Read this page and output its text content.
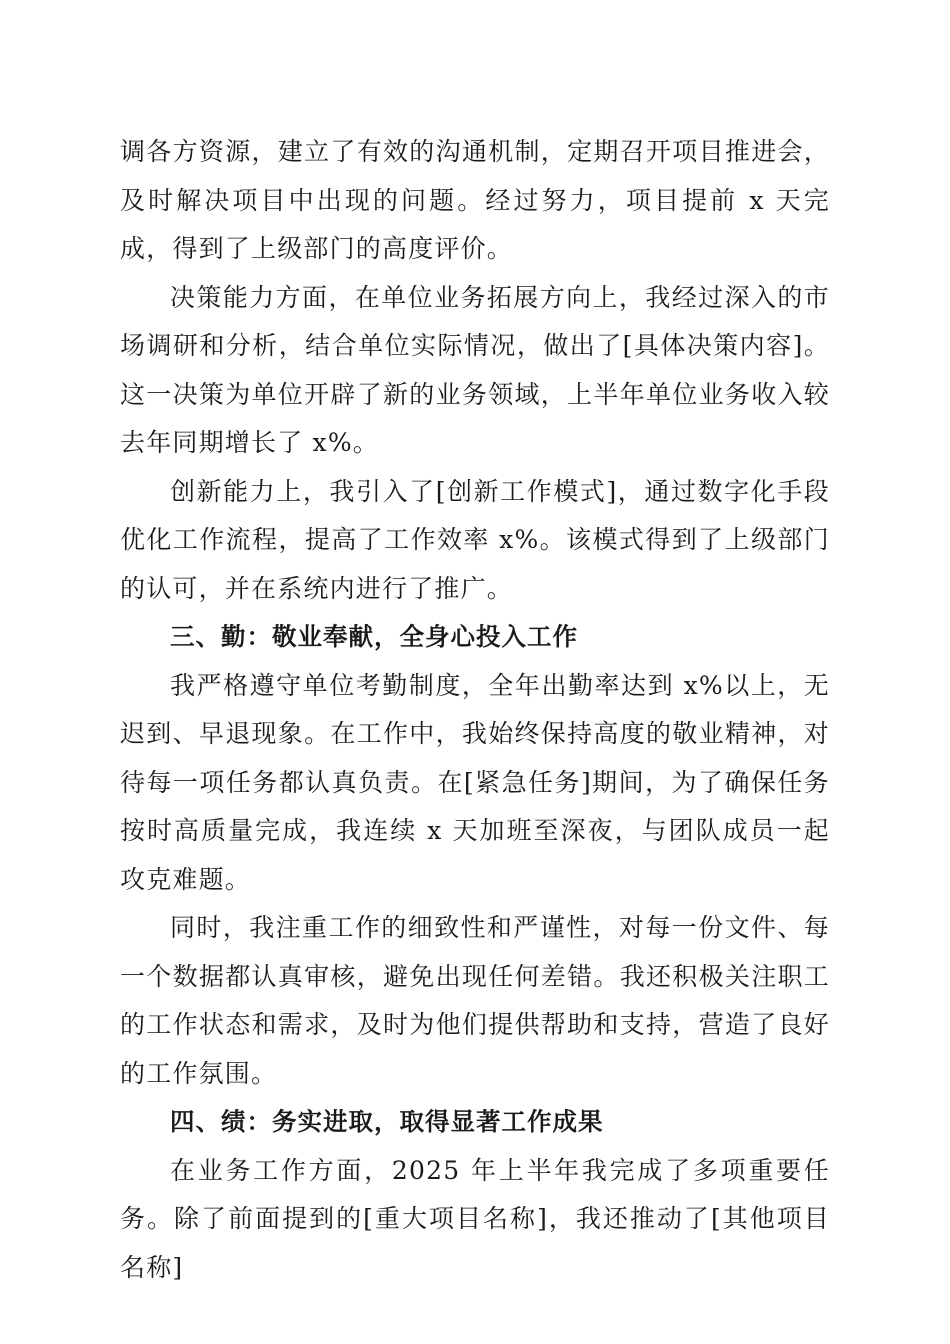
调各方资源，建立了有效的沟通机制，定期召开项目推进会，及时解决项目中出现的问题。经过努力，项目提前 x 天完成，得到了上级部门的高度评价。

决策能力方面，在单位业务拓展方向上，我经过深入的市场调研和分析，结合单位实际情况，做出了[具体决策内容]。这一决策为单位开辟了新的业务领域，上半年单位业务收入较去年同期增长了 x%。

创新能力上，我引入了[创新工作模式]，通过数字化手段优化工作流程，提高了工作效率 x%。该模式得到了上级部门的认可，并在系统内进行了推广。

三、勤：敬业奉献，全身心投入工作

我严格遵守单位考勤制度，全年出勤率达到 x%以上，无迟到、早退现象。在工作中，我始终保持高度的敬业精神，对待每一项任务都认真负责。在[紧急任务]期间，为了确保任务按时高质量完成，我连续 x 天加班至深夜，与团队成员一起攻克难题。

同时，我注重工作的细致性和严谨性，对每一份文件、每一个数据都认真审核，避免出现任何差错。我还积极关注职工的工作状态和需求，及时为他们提供帮助和支持，营造了良好的工作氛围。

四、绩：务实进取，取得显著工作成果

在业务工作方面，2025 年上半年我完成了多项重要任务。除了前面提到的[重大项目名称]，我还推动了[其他项目名称]
